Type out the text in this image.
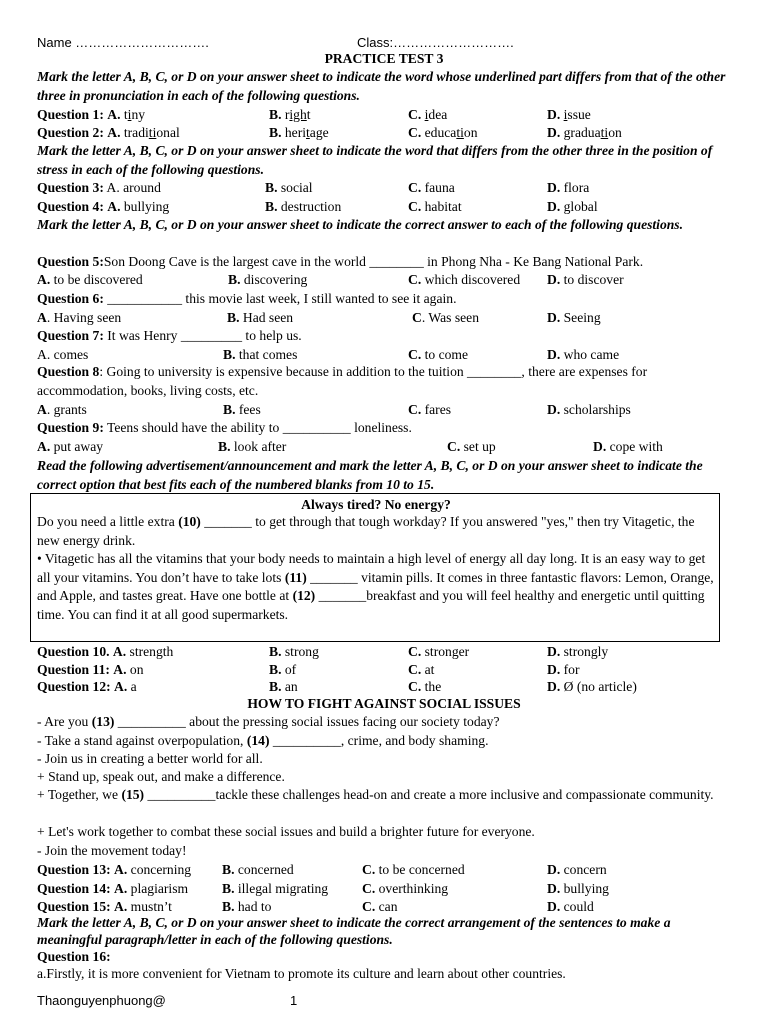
Name ………………………….	Class:……………………….
PRACTICE TEST 3
Mark the letter A, B, C, or D on your answer sheet to indicate the word whose underlined part differs from that of the other three in pronunciation in each of the following questions.
Question 1: A. tiny	B. right	C. idea	D. issue
Question 2: A. traditional	B. heritage	C. education	D. graduation
Mark the letter A, B, C, or D on your answer sheet to indicate the word that differs from the other three in the position of stress in each of the following questions.
Question 3: A. around	B. social	C. fauna	D. flora
Question 4: A. bullying	B. destruction	C. habitat	D. global
Mark the letter A, B, C, or D on your answer sheet to indicate the correct answer to each of the following questions.
Question 5:Son Doong Cave is the largest cave in the world ________ in Phong Nha - Ke Bang National Park.
A. to be discovered	B. discovering	C. which discovered D. to discover
Question 6: ___________ this movie last week, I still wanted to see it again.
A. Having seen	B. Had seen	C. Was seen	D. Seeing
Question 7: It was Henry _________ to help us.
A. comes	B. that comes	C. to come	D. who came
Question 8: Going to university is expensive because in addition to the tuition ________, there are expenses for accommodation, books, living costs, etc.
A. grants	B. fees	C. fares	D. scholarships
Question 9: Teens should have the ability to __________ loneliness.
A. put away	B. look after	C. set up	D. cope with
Read the following advertisement/announcement and mark the letter A, B, C, or D on your answer sheet to indicate the correct option that best fits each of the numbered blanks from 10 to 15.
Always tired? No energy?
Do you need a little extra (10) _______ to get through that tough workday? If you answered "yes," then try Vitagetic, the new energy drink.
• Vitagetic has all the vitamins that your body needs to maintain a high level of energy all day long. It is an easy way to get all your vitamins. You don’t have to take lots (11) _______ vitamin pills. It comes in three fantastic flavors: Lemon, Orange, and Apple, and tastes great. Have one bottle at (12) _______breakfast and you will feel healthy and energetic until quitting time. You can find it at all good supermarkets.
Question 10. A. strength	B. strong	C. stronger	D. strongly
Question 11: A. on	B. of	C. at	D. for
Question 12: A. a	B. an	C. the	D. Ø (no article)
HOW TO FIGHT AGAINST SOCIAL ISSUES
- Are you (13) __________ about the pressing social issues facing our society today?
- Take a stand against overpopulation, (14) __________, crime, and body shaming.
- Join us in creating a better world for all.
+ Stand up, speak out, and make a difference.
+ Together, we (15) __________tackle these challenges head-on and create a more inclusive and compassionate community.
+ Let's work together to combat these social issues and build a brighter future for everyone.
- Join the movement today!
Question 13: A. concerning B. concerned	C. to be concerned	D. concern
Question 14: A. plagiarism B. illegal migrating C. overthinking	D. bullying
Question 15: A. mustn’t	B. had to	C. can	D. could
Mark the letter A, B, C, or D on your answer sheet to indicate the correct arrangement of the sentences to make a meaningful paragraph/letter in each of the following questions.
Question 16:
a.Firstly, it is more convenient for Vietnam to promote its culture and learn about other countries.
Thaonguyenphuong@	1
